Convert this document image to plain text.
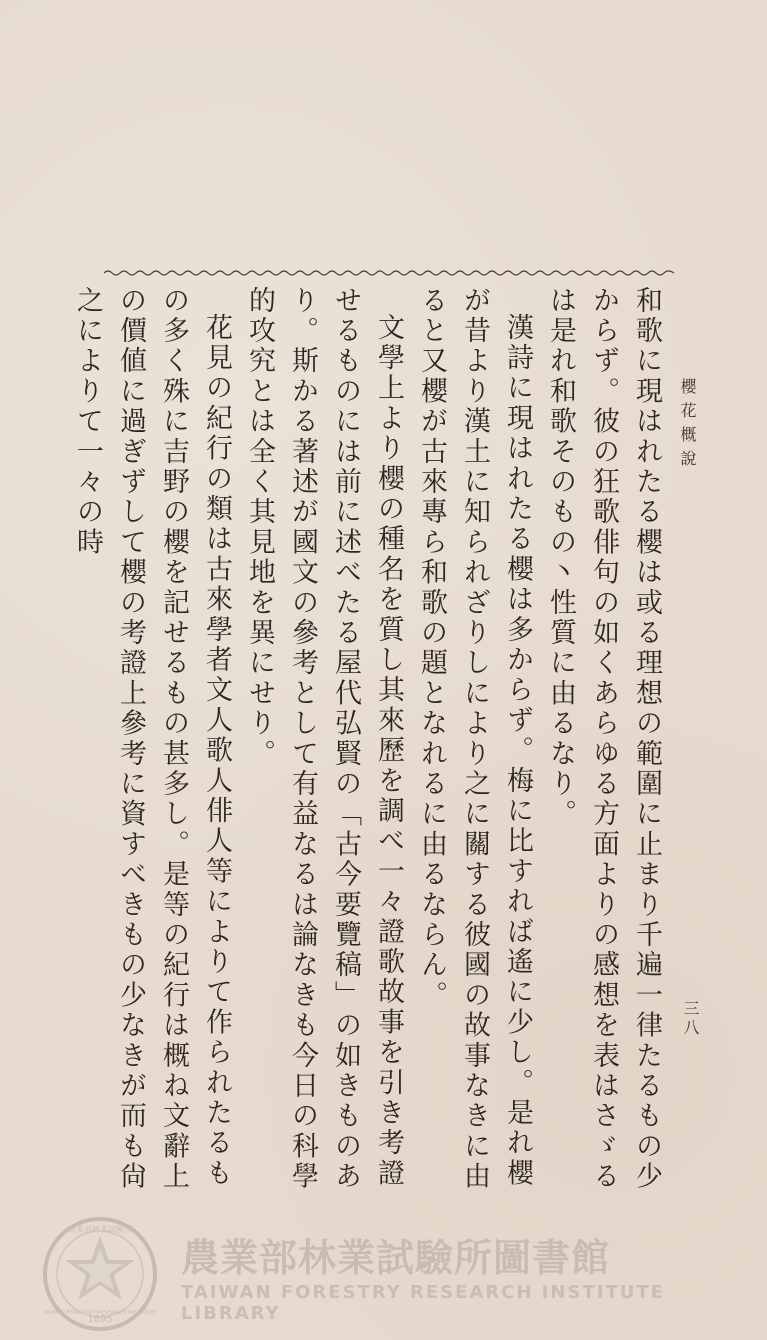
櫻花概說
三八

和歌に現はれたる櫻は或る理想の範圍に止まり千遍一律たるもの少からず。彼の狂歌俳句の如くあらゆる方面よりの感想を表はさゞるは是れ和歌そのもの丶性質に由るなり。

漢詩に現はれたる櫻は多からず。梅に比すれば遙に少し。是れ櫻が昔より漢土に知られざりしにより之に關する彼國の故事なきに由ると又櫻が古來專ら和歌の題となれるに由るならん。

文學上より櫻の種名を質し其來歷を調べ一々證歌故事を引き考證せるものには前に述べたる屋代弘賢の「古今要覽稿」の如きものあり。斯かる著述が國文の參考として有益なるは論なきも今日の科學的攻究とは全く其見地を異にせり。

花見の紀行の類は古來學者文人歌人俳人等によりて作られたるもの多く殊に吉野の櫻を記せるもの甚多し。是等の紀行は概ね文辭上の價値に過ぎずして櫻の考證上參考に資すべきもの少なきが而も尙之によりて一々の時

1895
農業部林業試驗所
TAIWAN FORESTRY RESEARCH INSTITUTE
農業部林業試驗所圖書館
TAIWAN FORESTRY RESEARCH INSTITUTE LIBRARY
